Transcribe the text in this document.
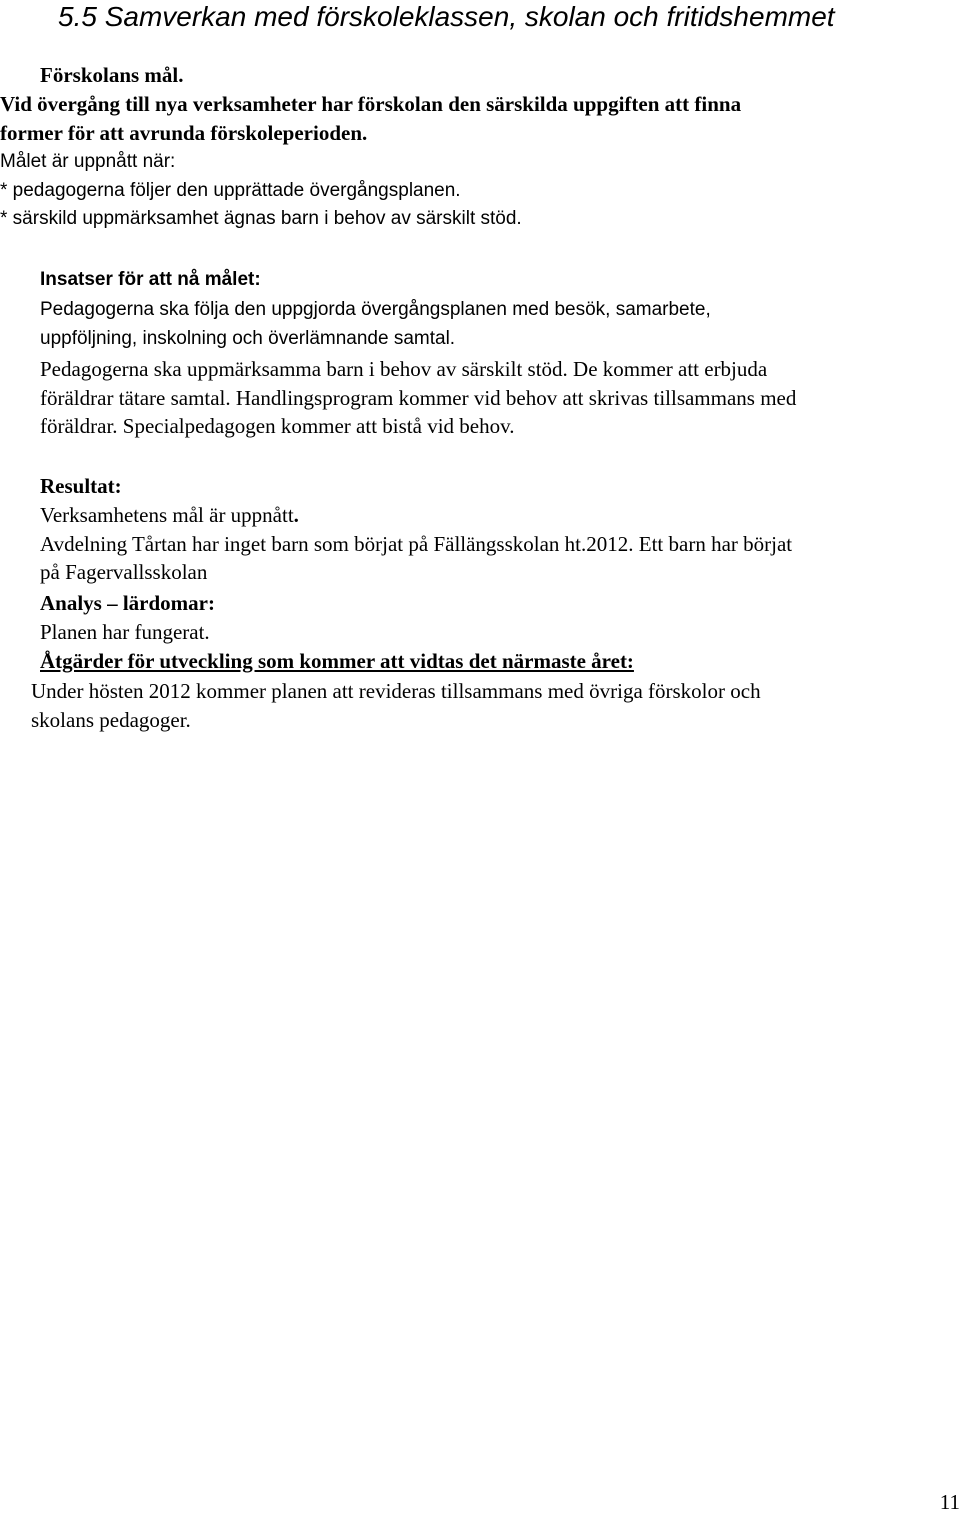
5.5 Samverkan med förskoleklassen, skolan och fritidshemmet
Förskolans mål.
Vid övergång till nya verksamheter har förskolan den särskilda uppgiften att finna
former för att avrunda förskoleperioden.
Målet är uppnått när:
* pedagogerna följer den upprättade övergångsplanen.
* särskild uppmärksamhet ägnas barn i behov av särskilt stöd.
Insatser för att nå målet:
Pedagogerna ska följa den uppgjorda övergångsplanen med besök, samarbete,
uppföljning, inskolning och överlämnande samtal.
Pedagogerna ska uppmärksamma barn i behov av särskilt stöd. De kommer att erbjuda
föräldrar tätare samtal. Handlingsprogram kommer vid behov att skrivas tillsammans med
föräldrar. Specialpedagogen kommer att bistå vid behov.
Resultat:
Verksamhetens mål är uppnått.
Avdelning Tårtan har inget barn som börjat på Fällängsskolan ht.2012. Ett barn har börjat
på Fagervallsskolan
Analys – lärdomar:
Planen har fungerat.
Åtgärder för utveckling som kommer att vidtas det närmaste året:
Under hösten 2012 kommer planen att revideras tillsammans med övriga förskolor och
skolans pedagoger.
11
